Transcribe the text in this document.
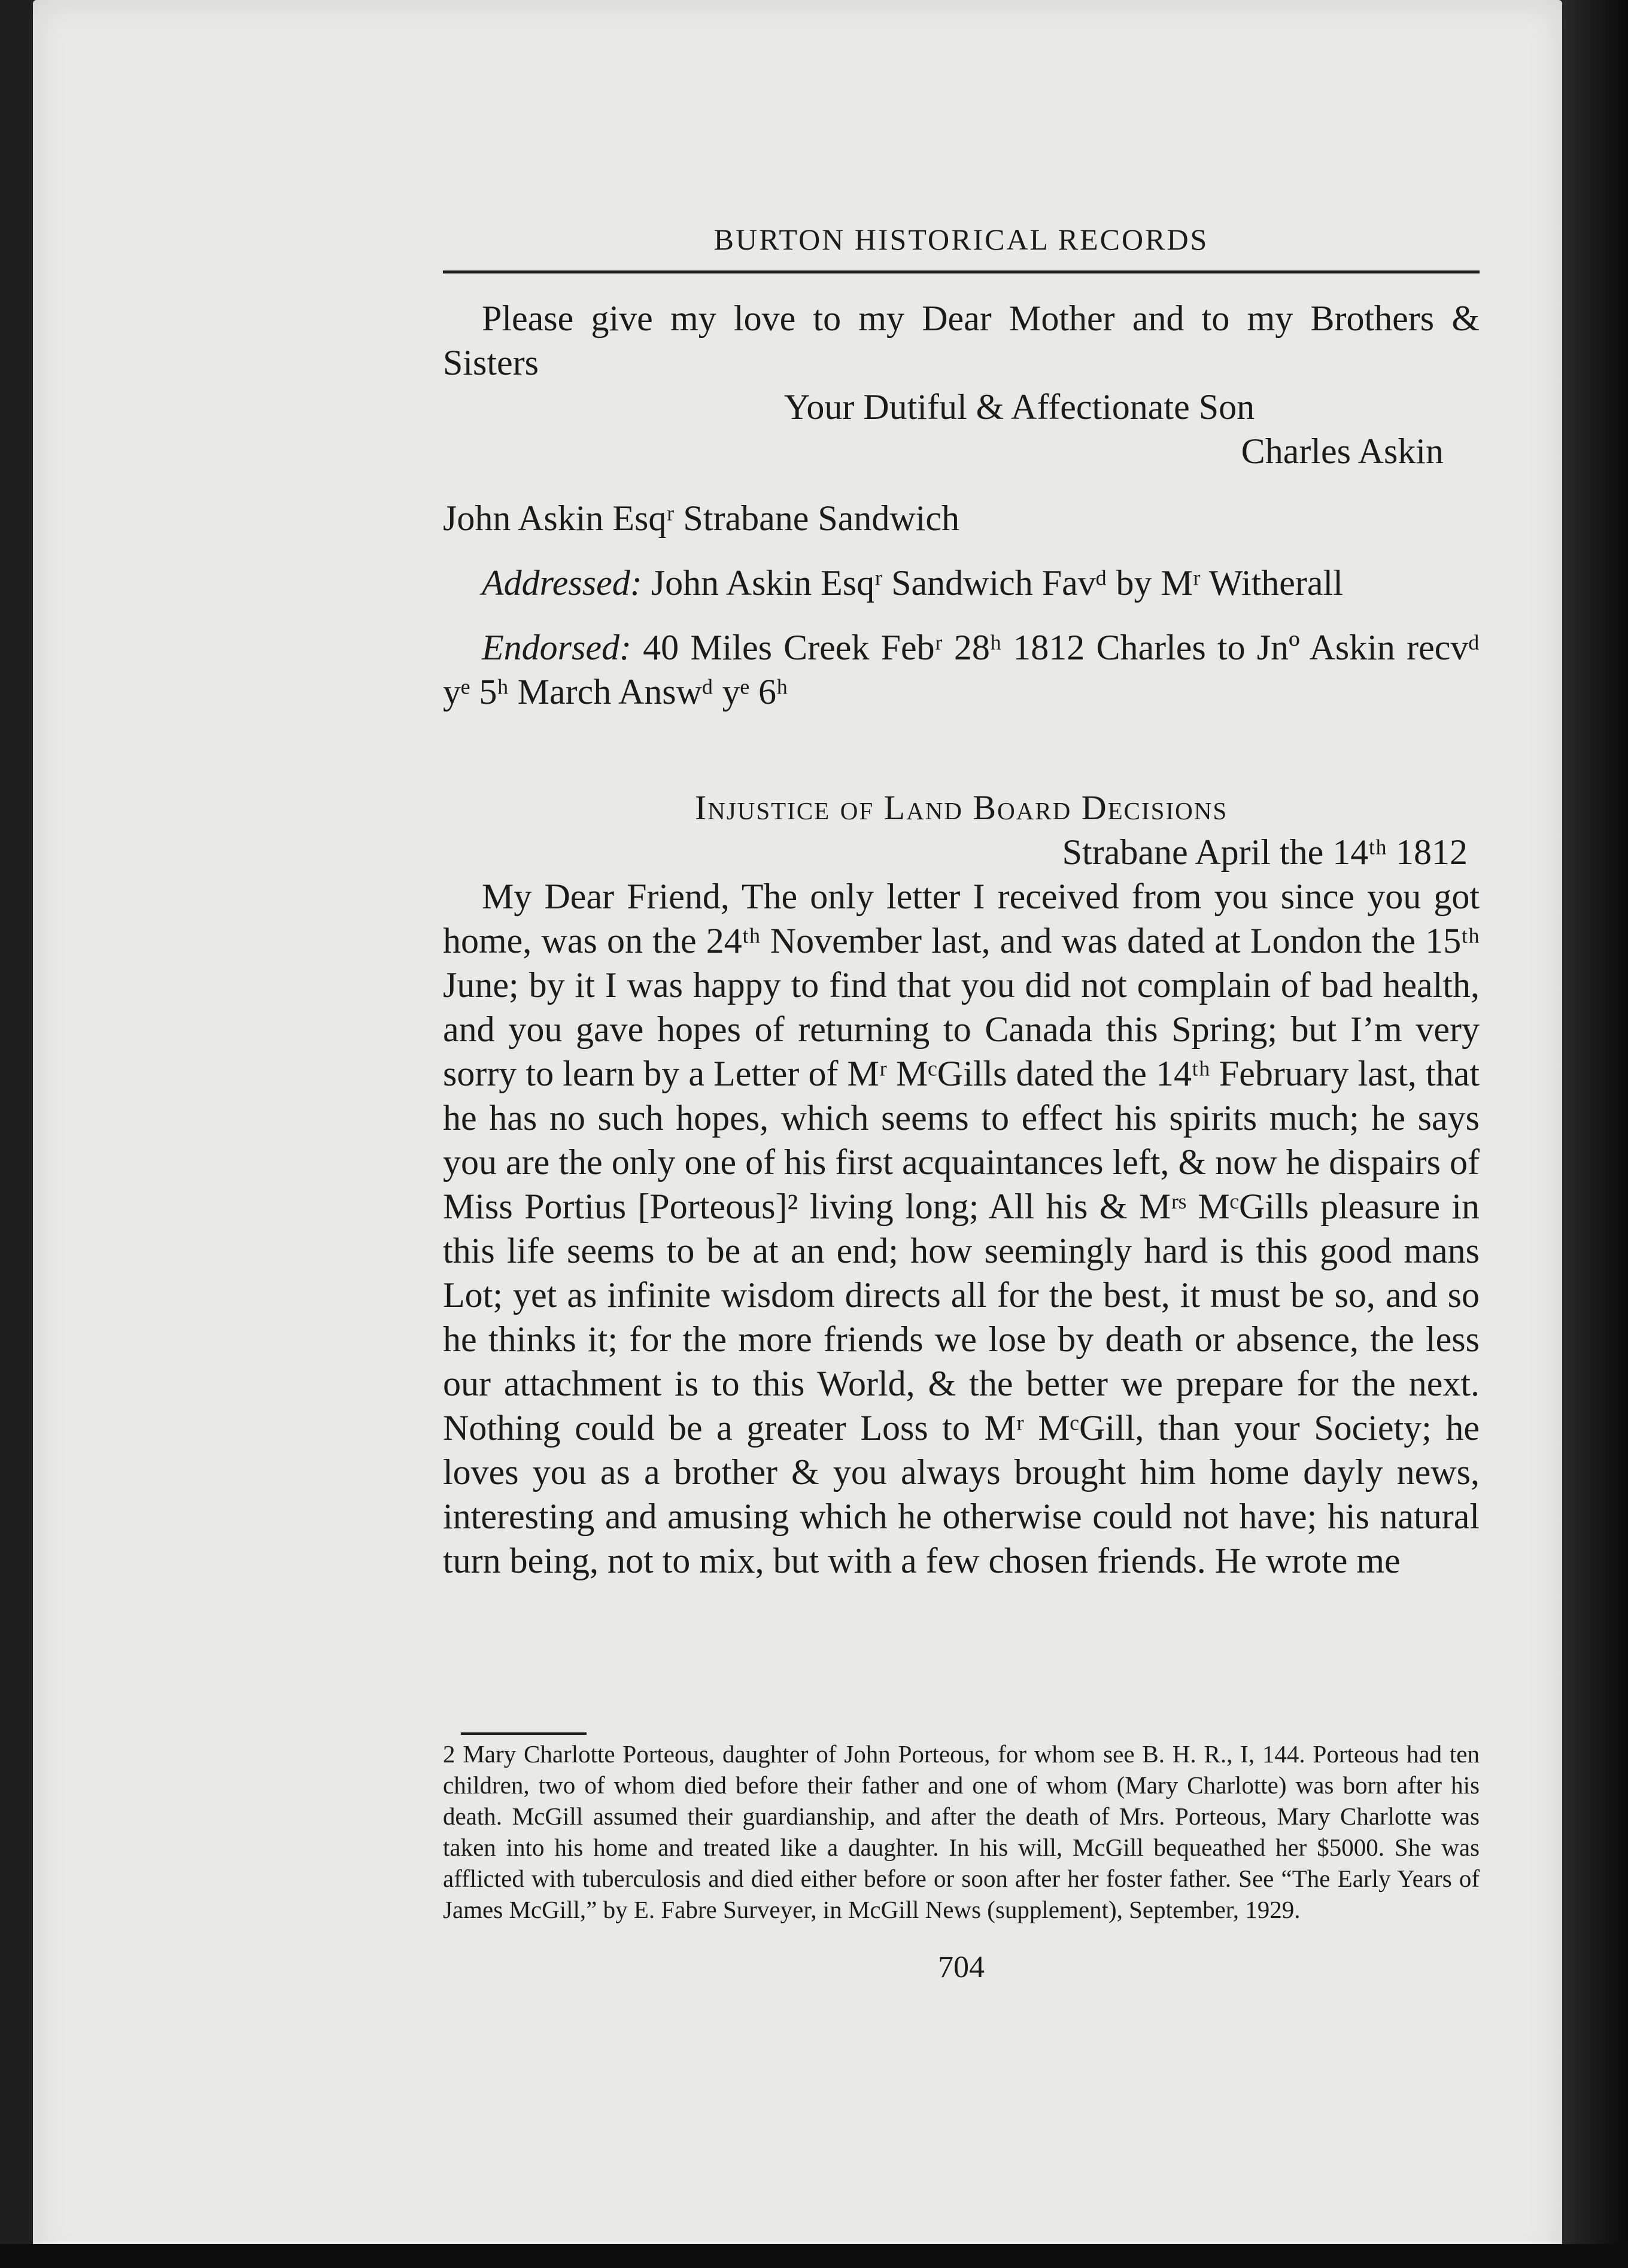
BURTON HISTORICAL RECORDS

Please give my love to my Dear Mother and to my Brothers & Sisters

Your Dutiful & Affectionate Son

Charles Askin

John Askin Esqʳ Strabane Sandwich

Addressed: John Askin Esqʳ Sandwich Favᵈ by Mʳ Witherall

Endorsed: 40 Miles Creek Febʳ 28ʰ 1812 Charles to Jnº Askin recvᵈ yᵉ 5ʰ March Answᵈ yᵉ 6ʰ

Injustice of Land Board Decisions

Strabane April the 14ᵗʰ 1812

My Dear Friend, The only letter I received from you since you got home, was on the 24ᵗʰ November last, and was dated at London the 15ᵗʰ June; by it I was happy to find that you did not complain of bad health, and you gave hopes of returning to Canada this Spring; but I’m very sorry to learn by a Letter of Mʳ MᶜGills dated the 14ᵗʰ February last, that he has no such hopes, which seems to effect his spirits much; he says you are the only one of his first acquaintances left, & now he dispairs of Miss Portius [Porteous]² living long; All his & Mʳˢ MᶜGills pleasure in this life seems to be at an end; how seemingly hard is this good mans Lot; yet as infinite wisdom directs all for the best, it must be so, and so he thinks it; for the more friends we lose by death or absence, the less our attachment is to this World, & the better we prepare for the next. Nothing could be a greater Loss to Mʳ MᶜGill, than your Society; he loves you as a brother & you always brought him home dayly news, interesting and amusing which he otherwise could not have; his natural turn being, not to mix, but with a few chosen friends. He wrote me

2 Mary Charlotte Porteous, daughter of John Porteous, for whom see B. H. R., I, 144. Porteous had ten children, two of whom died before their father and one of whom (Mary Charlotte) was born after his death. McGill assumed their guardianship, and after the death of Mrs. Porteous, Mary Charlotte was taken into his home and treated like a daughter. In his will, McGill bequeathed her $5000. She was afflicted with tuberculosis and died either before or soon after her foster father. See “The Early Years of James McGill,” by E. Fabre Surveyer, in McGill News (supplement), September, 1929.
704
